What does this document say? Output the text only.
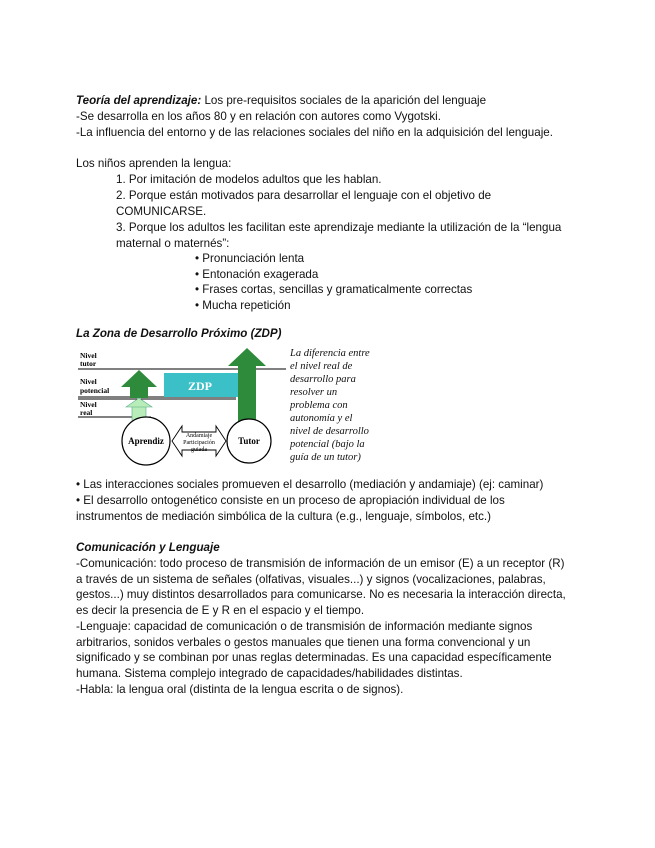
Teoría del aprendizaje: Los pre-requisitos sociales de la aparición del lenguaje
-Se desarrolla en los años 80 y en relación con autores como Vygotski.
-La influencia del entorno y de las relaciones sociales del niño en la adquisición del lenguaje.
Los niños aprenden la lengua:
1. Por imitación de modelos adultos que les hablan.
2. Porque están motivados para desarrollar el lenguaje con el objetivo de
COMUNICARSE.
3. Porque los adultos les facilitan este aprendizaje mediante la utilización de la “lengua
maternal o maternés”:
• Pronunciación lenta
• Entonación exagerada
• Frases cortas, sencillas y gramaticalmente correctas
• Mucha repetición
La Zona de Desarrollo Próximo (ZDP)
Nivel
tutor
Nivel
potencial
Nivel
real
ZDP
Aprendiz	Tutor
Andamiaje
Participación
guiada
La diferencia entre
el nivel real de
desarrollo para
resolver un
problema con
autonomía y el
nivel de desarrollo
potencial (bajo la
guía de un tutor)
• Las interacciones sociales promueven el desarrollo (mediación y andamiaje) (ej: caminar)
• El desarrollo ontogenético consiste en un proceso de apropiación individual de los
instrumentos de mediación simbólica de la cultura (e.g., lenguaje, símbolos, etc.)
Comunicación y Lenguaje
-Comunicación: todo proceso de transmisión de información de un emisor (E) a un receptor (R)
a través de un sistema de señales (olfativas, visuales...) y signos (vocalizaciones, palabras,
gestos...) muy distintos desarrollados para comunicarse. No es necesaria la interacción directa,
es decir la presencia de E y R en el espacio y el tiempo.
-Lenguaje: capacidad de comunicación o de transmisión de información mediante signos
arbitrarios, sonidos verbales o gestos manuales que tienen una forma convencional y un
significado y se combinan por unas reglas determinadas. Es una capacidad específicamente
humana. Sistema complejo integrado de capacidades/habilidades distintas.
-Habla: la lengua oral (distinta de la lengua escrita o de signos).
